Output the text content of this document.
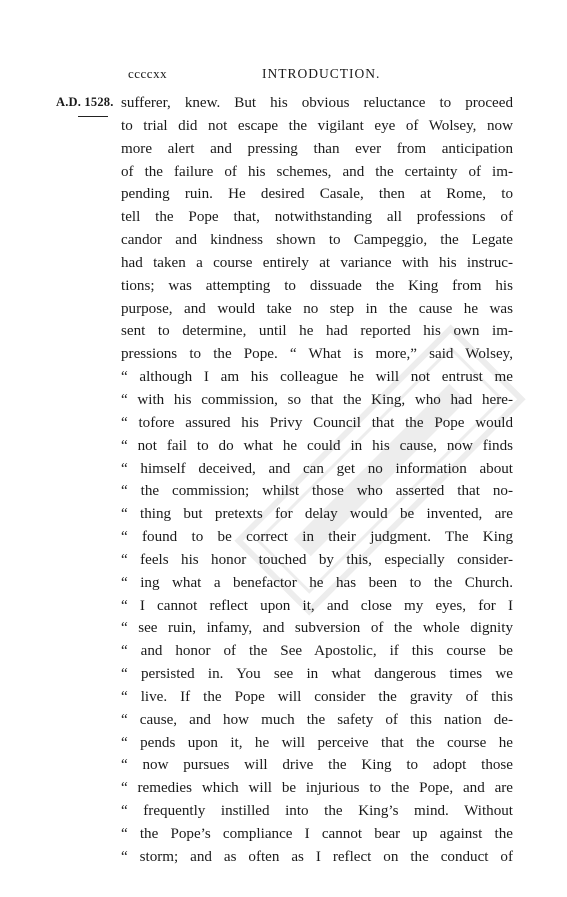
ccccxx	INTRODUCTION.
A.D. 1528. sufferer, knew. But his obvious reluctance to proceed
to trial did not escape the vigilant eye of Wolsey, now
more alert and pressing than ever from anticipation
of the failure of his schemes, and the certainty of im-
pending ruin. He desired Casale, then at Rome, to
tell the Pope that, notwithstanding all professions of
candor and kindness shown to Campeggio, the Legate
had taken a course entirely at variance with his instruc-
tions; was attempting to dissuade the King from his
purpose, and would take no step in the cause he was
sent to determine, until he had reported his own im-
pressions to the Pope. “ What is more,” said Wolsey,
“ although I am his colleague he will not entrust me
“ with his commission, so that the King, who had here-
“ tofore assured his Privy Council that the Pope would
“ not fail to do what he could in his cause, now finds
“ himself deceived, and can get no information about
“ the commission; whilst those who asserted that no-
“ thing but pretexts for delay would be invented, are
“ found to be correct in their judgment. The King
“ feels his honor touched by this, especially consider-
“ ing what a benefactor he has been to the Church.
“ I cannot reflect upon it, and close my eyes, for I
“ see ruin, infamy, and subversion of the whole dignity
“ and honor of the See Apostolic, if this course be
“ persisted in. You see in what dangerous times we
“ live. If the Pope will consider the gravity of this
“ cause, and how much the safety of this nation de-
“ pends upon it, he will perceive that the course he
“ now pursues will drive the King to adopt those
“ remedies which will be injurious to the Pope, and are
“ frequently instilled into the King’s mind. Without
“ the Pope’s compliance I cannot bear up against the
“ storm; and as often as I reflect on the conduct of
